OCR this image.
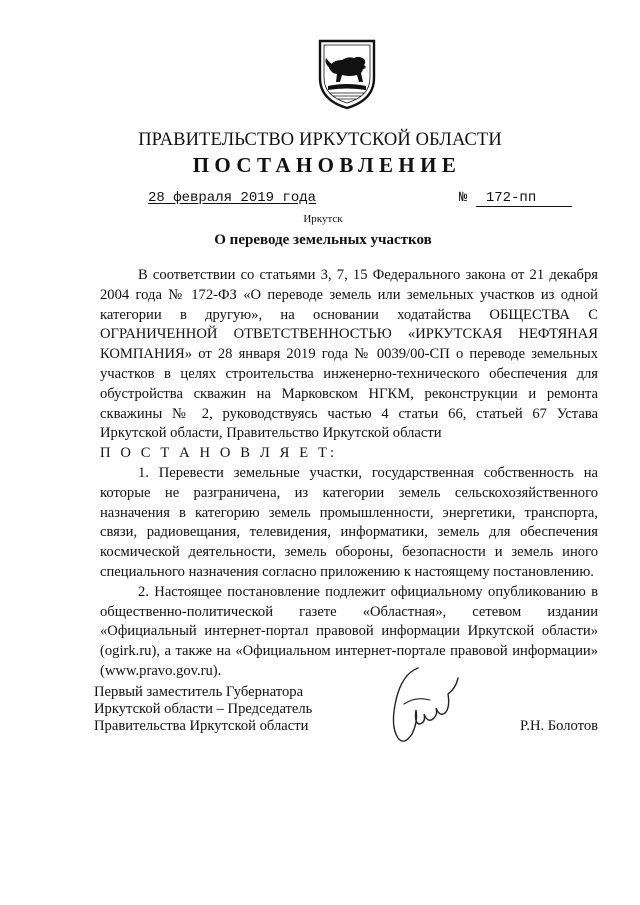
ПРАВИТЕЛЬСТВО ИРКУТСКОЙ ОБЛАСТИ
ПОСТАНОВЛЕНИЕ
28 февраля 2019 года	№ 172-пп
Иркутск
О переводе земельных участков

В соответствии со статьями 3, 7, 15 Федерального закона от 21 декабря 2004 года № 172-ФЗ «О переводе земель или земельных участков из одной категории в другую», на основании ходатайства ОБЩЕСТВА С ОГРАНИЧЕННОЙ ОТВЕТСТВЕННОСТЬЮ «ИРКУТСКАЯ НЕФТЯНАЯ КОМПАНИЯ» от 28 января 2019 года № 0039/00-СП о переводе земельных участков в целях строительства инженерно-технического обеспечения для обустройства скважин на Марковском НГКМ, реконструкции и ремонта скважины № 2, руководствуясь частью 4 статьи 66, статьей 67 Устава Иркутской области, Правительство Иркутской области

П О С Т А Н О В Л Я Е Т:

1. Перевести земельные участки, государственная собственность на которые не разграничена, из категории земель сельскохозяйственного назначения в категорию земель промышленности, энергетики, транспорта, связи, радиовещания, телевидения, информатики, земель для обеспечения космической деятельности, земель обороны, безопасности и земель иного специального назначения согласно приложению к настоящему постановлению.

2. Настоящее постановление подлежит официальному опубликованию в общественно-политической газете «Областная», сетевом издании «Официальный интернет-портал правовой информации Иркутской области» (ogirk.ru), а также на «Официальном интернет-портале правовой информации» (www.pravo.gov.ru).

Первый заместитель Губернатора
Иркутской области – Председатель
Правительства Иркутской области	Р.Н. Болотов
